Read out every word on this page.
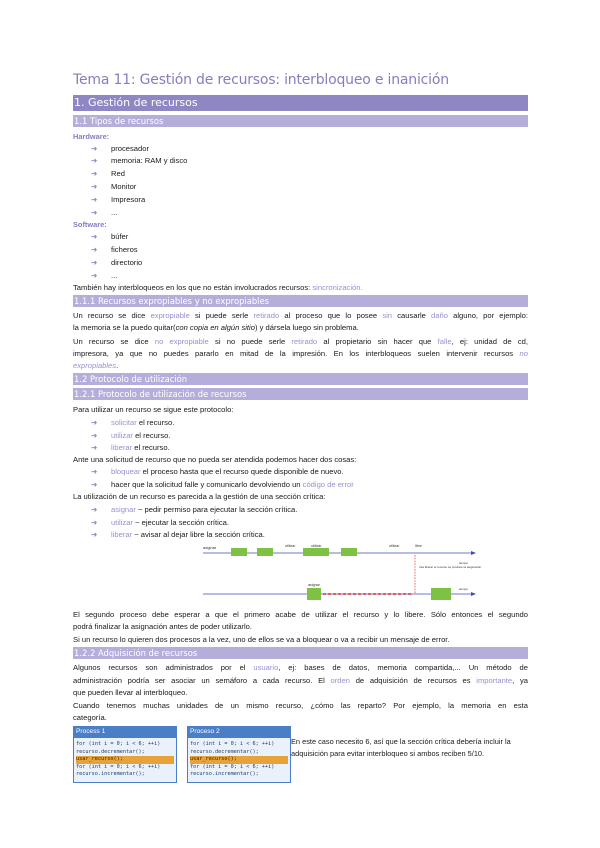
Tema 11: Gestión de recursos: interbloqueo e inanición
1. Gestión de recursos
1.1 Tipos de recursos
Hardware:
➔ procesador
➔ memoria: RAM y disco
➔ Red
➔ Monitor
➔ Impresora
➔ ...
Software:
➔ búfer
➔ ficheros
➔ directorio
➔ ...
También hay interbloqueos en los que no están involucrados recursos: sincronización.
1.1.1 Recursos expropiables y no expropiables
Un recurso se dice expropiable si puede serle retirado al proceso que lo posee sin causarle daño alguno, por ejemplo:
la memoria se la puedo quitar(con copia en algún sitio) y dársela luego sin problema.
Un recurso se dice no expropiable si no puede serle retirado al propietario sin hacer que falle, ej: unidad de cd,
impresora, ya que no puedes pararlo en mitad de la impresión. En los interbloqueos suelen intervenir recursos no
expropiables.
1.2 Protocolo de utilización
1.2.1 Protocolo de utilización de recursos
Para utilizar un recurso se sigue este protocolo:
➔ solicitar el recurso.
➔ utilizar el recurso.
➔ liberar el recurso.
Ante una solicitud de recurso que no pueda ser atendida podemos hacer dos cosas:
➔ bloquear el proceso hasta que el recurso quede disponible de nuevo.
➔ hacer que la solicitud falle y comunicarlo devolviendo un código de error
La utilización de un recurso es parecida a la gestión de una sección crítica:
➔ asignar ~ pedir permiso para ejecutar la sección crítica.
➔ utilizar ~ ejecutar la sección crítica.
➔ liberar ~ avisar al dejar libre la sección crítica.
asignar	utilizar	utilizar	utilizar	libre
tras liberar el recurso se produce la asignación
tiempo
asignar
tiempo
El segundo proceso debe esperar a que el primero acabe de utilizar el recurso y lo libere. Sólo entonces el segundo
podrá finalizar la asignación antes de poder utilizarlo.
Si un recurso lo quieren dos procesos a la vez, uno de ellos se va a bloquear o va a recibir un mensaje de error.
1.2.2 Adquisición de recursos
Algunos recursos son administrados por el usuario, ej: bases de datos, memoria compartida,... Un método de
administración podría ser asociar un semáforo a cada recurso. El orden de adquisición de recursos es importante, ya
que pueden llevar al interbloqueo.
Cuando tenemos muchas unidades de un mismo recurso, ¿cómo las reparto? Por ejemplo, la memoria en esta
categoría.
Process 1
for (int i = 0; i < 6; ++i)
recurso.decrementar();
usar_recurso();
for (int i = 0; i < 6; ++i)
recurso.incrementar();
Proceso 2
for (int i = 0; i < 6; ++i)
recurso.decrementar();
usar_recurso();
for (int i = 0; i < 6; ++i)
recurso.incrementar();
En este caso necesito 6, así que la sección crítica debería incluir la adquisición para evitar interbloqueo si ambos reciben 5/10.
